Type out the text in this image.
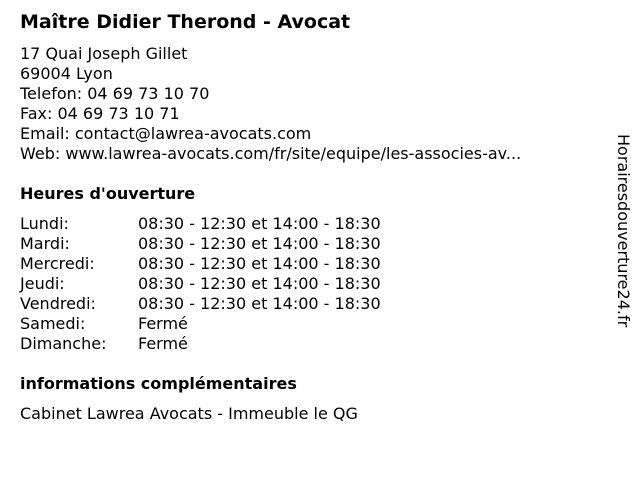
Maître Didier Therond - Avocat
17 Quai Joseph Gillet
69004 Lyon
Telefon: 04 69 73 10 70
Fax: 04 69 73 10 71
Email: contact@lawrea-avocats.com
Web: www.lawrea-avocats.com/fr/site/equipe/les-associes-av...
Heures d'ouverture
Lundi:	08:30 - 12:30 et 14:00 - 18:30
Mardi:	08:30 - 12:30 et 14:00 - 18:30
Mercredi:	08:30 - 12:30 et 14:00 - 18:30
Jeudi:	08:30 - 12:30 et 14:00 - 18:30
Vendredi:	08:30 - 12:30 et 14:00 - 18:30
Samedi:	Fermé
Dimanche: Fermé
informations complémentaires
Cabinet Lawrea Avocats - Immeuble le QG
Horairesdouverture24.fr
